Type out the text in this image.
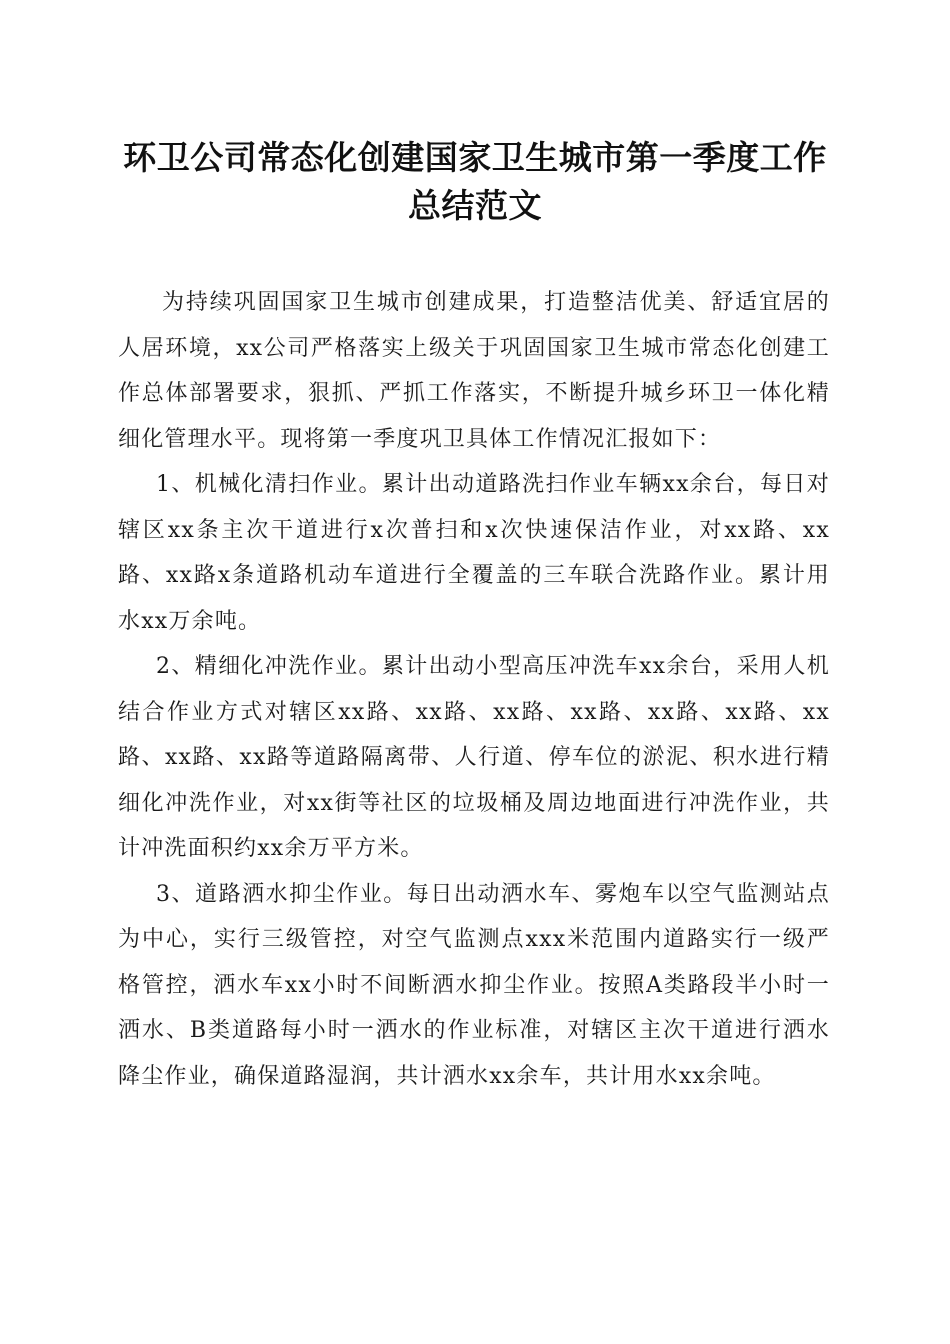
环卫公司常态化创建国家卫生城市第一季度工作总结范文

为持续巩固国家卫生城市创建成果，打造整洁优美、舒适宜居的人居环境，xx公司严格落实上级关于巩固国家卫生城市常态化创建工作总体部署要求，狠抓、严抓工作落实，不断提升城乡环卫一体化精细化管理水平。现将第一季度巩卫具体工作情况汇报如下：

1、机械化清扫作业。累计出动道路洗扫作业车辆xx余台，每日对辖区xx条主次干道进行x次普扫和x次快速保洁作业，对xx路、xx路、xx路x条道路机动车道进行全覆盖的三车联合洗路作业。累计用水xx万余吨。

2、精细化冲洗作业。累计出动小型高压冲洗车xx余台，采用人机结合作业方式对辖区xx路、xx路、xx路、xx路、xx路、xx路、xx路、xx路、xx路等道路隔离带、人行道、停车位的淤泥、积水进行精细化冲洗作业，对xx街等社区的垃圾桶及周边地面进行冲洗作业，共计冲洗面积约xx余万平方米。

3、道路洒水抑尘作业。每日出动洒水车、雾炮车以空气监测站点为中心，实行三级管控，对空气监测点xxx米范围内道路实行一级严格管控，洒水车xx小时不间断洒水抑尘作业。按照A类路段半小时一洒水、B类道路每小时一洒水的作业标准，对辖区主次干道进行洒水降尘作业，确保道路湿润，共计洒水xx余车，共计用水xx余吨。
